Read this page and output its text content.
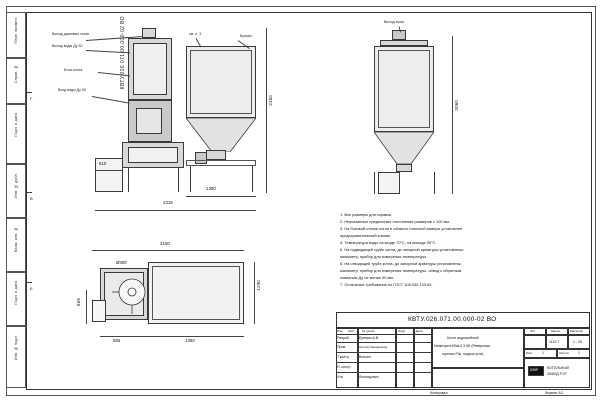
Перв. примен.
Справ. №
Подп. и дата
Инв. № дубл.
Взам. инв. №
Подп. и дата
Инв. № подл.
Г
В
Б
КВТУ.026.071.00.000-02 ВО
2350
1390
2315
510
Выход дымовых газов
Выход воды Ду 50
Блок котла
Вход воды Ду 50
Бункер
см. п. 3
2060
Выход золы
Ø300
3100
1390
1290
865
865
1. Все размеры для справок.
2. Неуказанные предельные отклонения размеров ± 100 мм.
3. На боковой стенке котла в области топочной камеры установлен
предохранительный клапан.
4. Температура воды на входе 70°С, на выходе 95°С.
5. На подводящей трубе котла, до запорной арматуры установлены:
манометр, прибор для измерения температуры.
6. На отводящей трубе котла, до запорной арматуры установлены:
манометр, прибор для измерения температуры, обвод с обратным
клапаном Ду не менее 50 мм.
7. Остальные требования по ГОСТ 108.030.133-84.
КВТУ.026.071.00.000-02 ВО
Изм. Лист № докум.	Подп.	Дата
Разраб.	Еремин А.В.
Пров.	Орлов(-Зарядников)
Т.контр.	Вонкин
Н. контр.
Утв.	Леонидович
Котел водогрейный
Heatexpert-КВм-0,3 КБ (Реверсная
горелка РШ, подача угля)
Лит.	Масса	Масштаб
1119.7	1 : 25
Лист	1	Листов	1
КЗКР	КОТЕЛЬНЫЙ
ЗАВОД Р.ЭТ
Копировал	Формат A3
